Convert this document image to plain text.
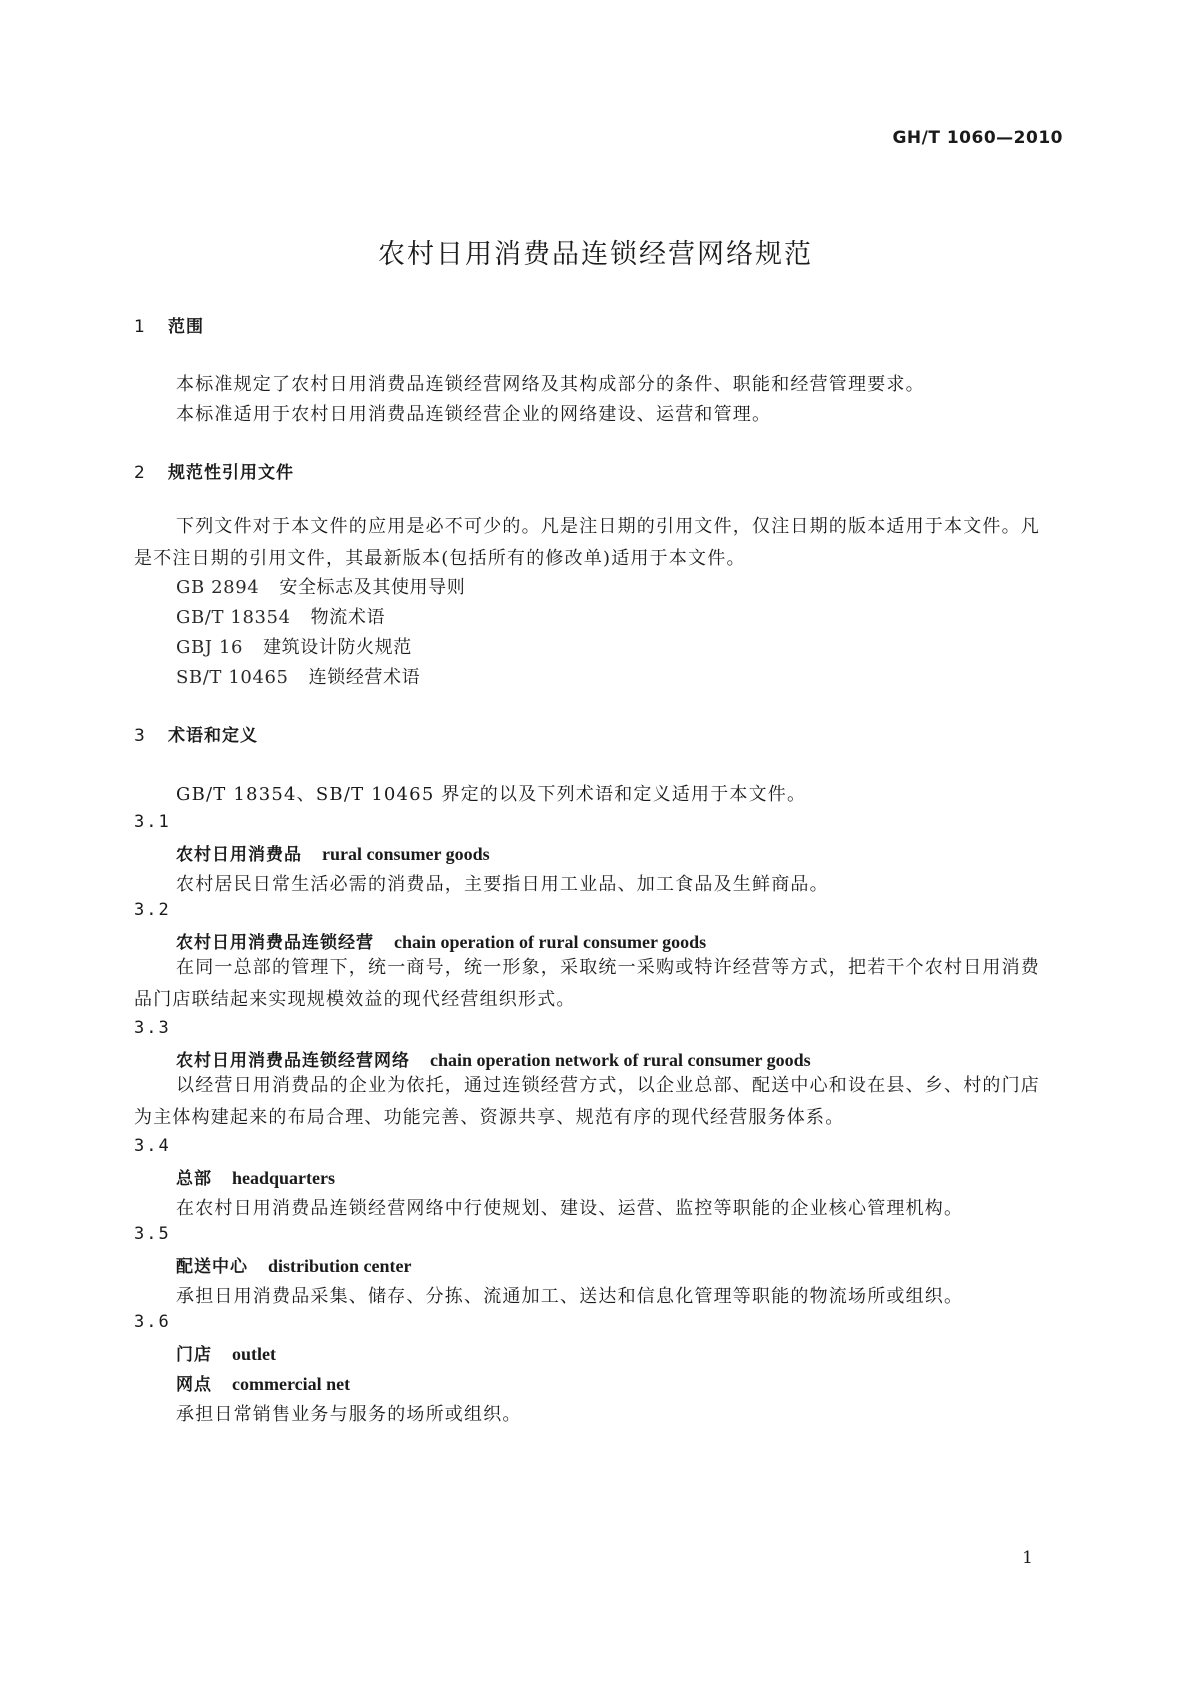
GH/T 1060—2010
农村日用消费品连锁经营网络规范
1 范围
本标准规定了农村日用消费品连锁经营网络及其构成部分的条件、职能和经营管理要求。
本标准适用于农村日用消费品连锁经营企业的网络建设、运营和管理。
2 规范性引用文件
下列文件对于本文件的应用是必不可少的。凡是注日期的引用文件，仅注日期的版本适用于本文件。凡是不注日期的引用文件，其最新版本(包括所有的修改单)适用于本文件。
GB 2894 安全标志及其使用导则
GB/T 18354 物流术语
GBJ 16 建筑设计防火规范
SB/T 10465 连锁经营术语
3 术语和定义
GB/T 18354、SB/T 10465 界定的以及下列术语和定义适用于本文件。
3.1
农村日用消费品 rural consumer goods
农村居民日常生活必需的消费品，主要指日用工业品、加工食品及生鲜商品。
3.2
农村日用消费品连锁经营 chain operation of rural consumer goods
在同一总部的管理下，统一商号，统一形象，采取统一采购或特许经营等方式，把若干个农村日用消费品门店联结起来实现规模效益的现代经营组织形式。
3.3
农村日用消费品连锁经营网络 chain operation network of rural consumer goods
以经营日用消费品的企业为依托，通过连锁经营方式，以企业总部、配送中心和设在县、乡、村的门店为主体构建起来的布局合理、功能完善、资源共享、规范有序的现代经营服务体系。
3.4
总部 headquarters
在农村日用消费品连锁经营网络中行使规划、建设、运营、监控等职能的企业核心管理机构。
3.5
配送中心 distribution center
承担日用消费品采集、储存、分拣、流通加工、送达和信息化管理等职能的物流场所或组织。
3.6
门店 outlet
网点 commercial net
承担日常销售业务与服务的场所或组织。
1
